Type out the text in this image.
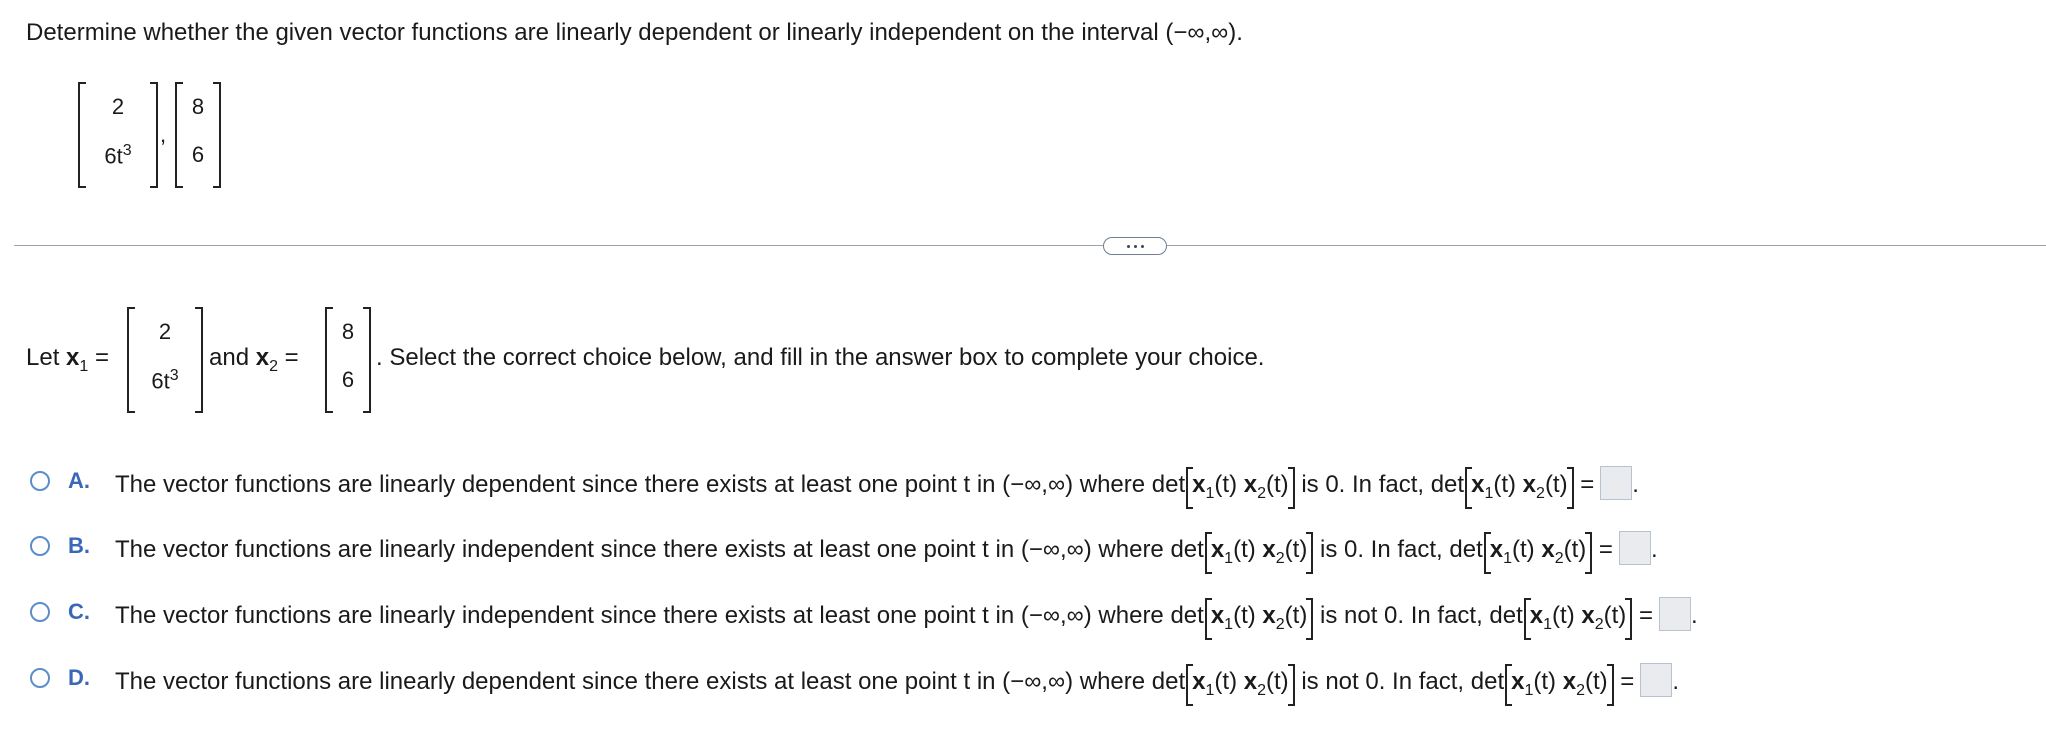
Determine whether the given vector functions are linearly dependent or linearly independent on the interval (−∞,∞).
2
$6t^3$
,
8
6
Let $x_1$ =
2
$6t^3$
and $x_2$ =
8
6
. Select the correct choice below, and fill in the answer box to complete your choice.
A. The vector functions are linearly dependent since there exists at least one point t in (−∞,∞) where $\det x_1(t)$ $x_2(t)$ is 0. In fact, $\det x_1(t) x_2(t)$ = .
B. The vector functions are linearly independent since there exists at least one point t in (−∞,∞) where $\det x_1(t)$ $x_2(t)$ is 0. In fact, $\det x_1(t) x_2(t)$ = .
C. The vector functions are linearly independent since there exists at least one point t in (−∞,∞) where $\det x_1(t)$ $x_2(t)$ is not 0. In fact, $\det x_1(t) x_2(t)$ = .
D. The vector functions are linearly dependent since there exists at least one point t in (−∞,∞) where $\det x_1(t)$ $x_2(t)$ is not 0. In fact, $\det x_1(t) x_2(t)$ = .
